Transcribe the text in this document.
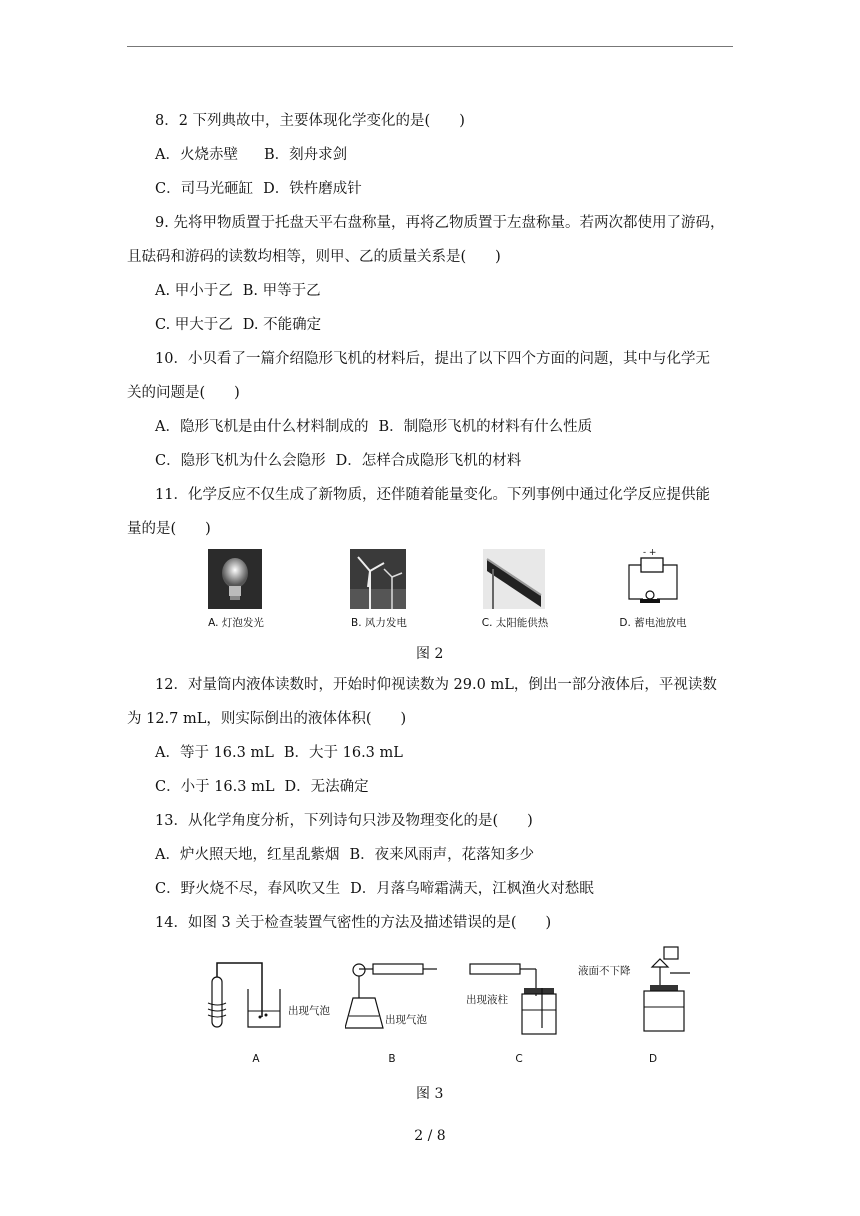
8．2 下列典故中，主要体现化学变化的是(　　)
A．火烧赤壁 B．刻舟求剑
C．司马光砸缸 D．铁杵磨成针
9. 先将甲物质置于托盘天平右盘称量，再将乙物质置于左盘称量。若两次都使用了游码，
且砝码和游码的读数均相等，则甲、乙的质量关系是(　　)
A. 甲小于乙 B. 甲等于乙
C. 甲大于乙 D. 不能确定
10．小贝看了一篇介绍隐形飞机的材料后，提出了以下四个方面的问题，其中与化学无
关的问题是(　　)
A．隐形飞机是由什么材料制成的 B．制隐形飞机的材料有什么性质
C．隐形飞机为什么会隐形 D．怎样合成隐形飞机的材料
11．化学反应不仅生成了新物质，还伴随着能量变化。下列事例中通过化学反应提供能
量的是(　　)
- +
A. 灯泡发光	B. 风力发电	C. 太阳能供热	D. 蓄电池放电
图 2
12．对量筒内液体读数时，开始时仰视读数为 29.0 mL，倒出一部分液体后，平视读数
为 12.7 mL，则实际倒出的液体体积(　　)
A．等于 16.3 mL B．大于 16.3 mL
C．小于 16.3 mL D．无法确定
13．从化学角度分析，下列诗句只涉及物理变化的是(　　)
A．炉火照天地，红星乱紫烟 B．夜来风雨声，花落知多少
C．野火烧不尽，春风吹又生 D．月落乌啼霜满天，江枫渔火对愁眠
14．如图 3 关于检查装置气密性的方法及描述错误的是(　　)
出现气泡
出现气泡
出现液柱
液面不下降
A	B	C	D
图 3
2 / 8
